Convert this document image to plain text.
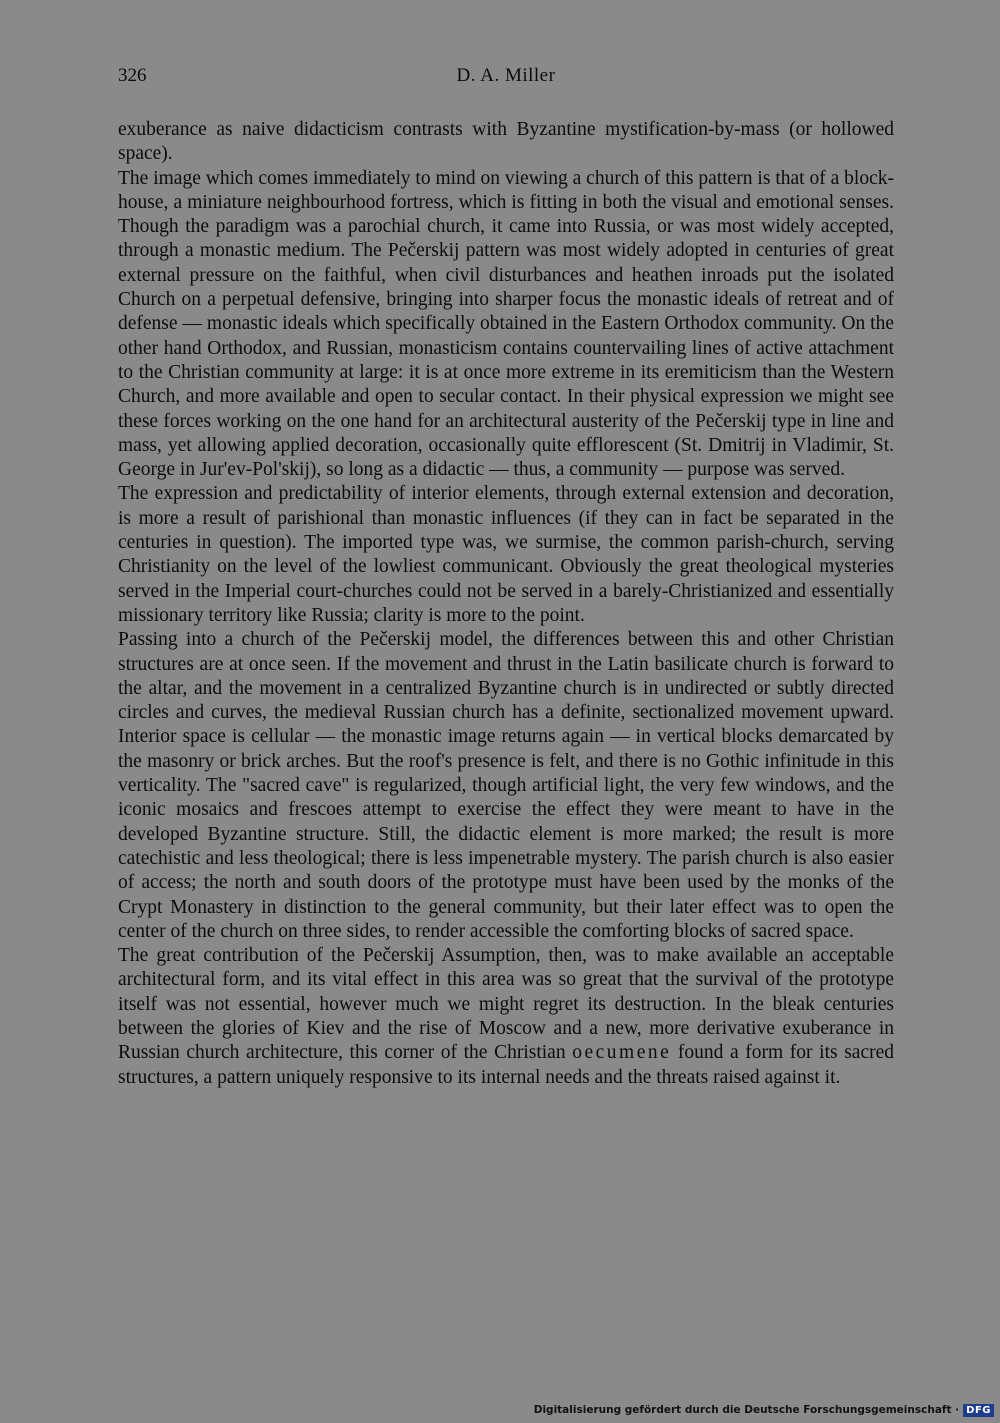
326	D. A. Miller

exuberance as naive didacticism contrasts with Byzantine mystification-by-mass (or hollowed space).

The image which comes immediately to mind on viewing a church of this pattern is that of a block-house, a miniature neighbourhood fortress, which is fitting in both the visual and emotional senses. Though the paradigm was a parochial church, it came into Russia, or was most widely accepted, through a monastic medium. The Pečerskij pattern was most widely adopted in centuries of great external pressure on the faithful, when civil disturbances and heathen inroads put the isolated Church on a perpetual defensive, bringing into sharper focus the monastic ideals of retreat and of defense — monastic ideals which specifically obtained in the Eastern Orthodox community. On the other hand Orthodox, and Russian, monasticism contains countervailing lines of active attachment to the Christian community at large: it is at once more extreme in its eremiticism than the Western Church, and more available and open to secular contact. In their physical expression we might see these forces working on the one hand for an architectural austerity of the Pečerskij type in line and mass, yet allowing applied decoration, occasionally quite efflorescent (St. Dmitrij in Vladimir, St. George in Jur'ev-Pol'skij), so long as a didactic — thus, a community — purpose was served.

The expression and predictability of interior elements, through external extension and decoration, is more a result of parishional than monastic influences (if they can in fact be separated in the centuries in question). The imported type was, we surmise, the common parish-church, serving Christianity on the level of the lowliest communicant. Obviously the great theological mysteries served in the Imperial court-churches could not be served in a barely-Christianized and essentially missionary territory like Russia; clarity is more to the point.

Passing into a church of the Pečerskij model, the differences between this and other Christian structures are at once seen. If the movement and thrust in the Latin basilicate church is forward to the altar, and the movement in a centralized Byzantine church is in undirected or subtly directed circles and curves, the medieval Russian church has a definite, sectionalized movement upward. Interior space is cellular — the monastic image returns again — in vertical blocks demarcated by the masonry or brick arches. But the roof's presence is felt, and there is no Gothic infinitude in this verticality. The "sacred cave" is regularized, though artificial light, the very few windows, and the iconic mosaics and frescoes attempt to exercise the effect they were meant to have in the developed Byzantine structure. Still, the didactic element is more marked; the result is more catechistic and less theological; there is less impenetrable mystery. The parish church is also easier of access; the north and south doors of the prototype must have been used by the monks of the Crypt Monastery in distinction to the general community, but their later effect was to open the center of the church on three sides, to render accessible the comforting blocks of sacred space.

The great contribution of the Pečerskij Assumption, then, was to make available an acceptable architectural form, and its vital effect in this area was so great that the survival of the prototype itself was not essential, however much we might regret its destruction. In the bleak centuries between the glories of Kiev and the rise of Moscow and a new, more derivative exuberance in Russian church architecture, this corner of the Christian oecumene found a form for its sacred structures, a pattern uniquely responsive to its internal needs and the threats raised against it.

Digitalisierung gefördert durch die Deutsche Forschungsgemeinschaft · DFG
